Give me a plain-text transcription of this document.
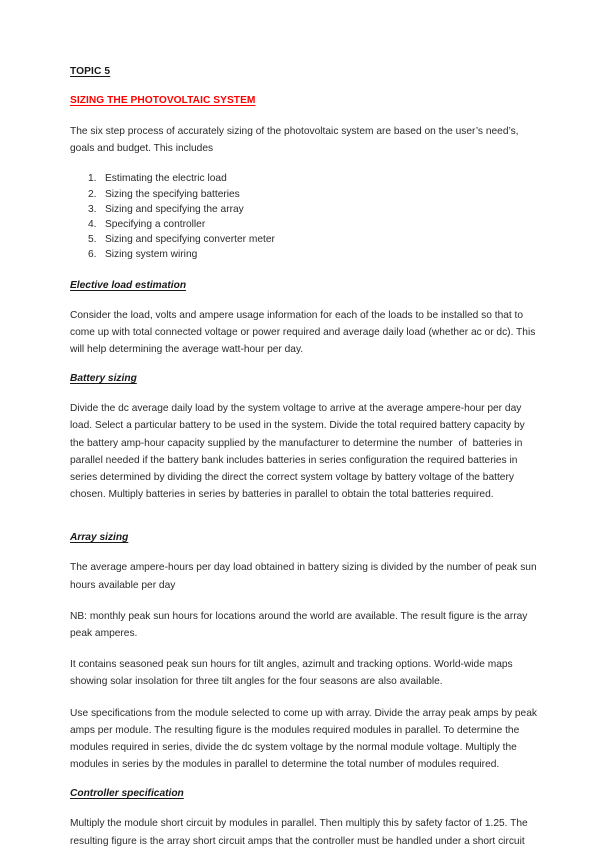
TOPIC 5
SIZING THE PHOTOVOLTAIC SYSTEM

The six step process of accurately sizing of the photovoltaic system are based on the user’s need’s, goals and budget. This includes

1. Estimating the electric load
2. Sizing the specifying batteries
3. Sizing and specifying the array
4. Specifying a controller
5. Sizing and specifying converter meter
6. Sizing system wiring
Elective load estimation

Consider the load, volts and ampere usage information for each of the loads to be installed so that to come up with total connected voltage or power required and average daily load (whether ac or dc). This will help determining the average watt-hour per day.

Battery sizing

Divide the dc average daily load by the system voltage to arrive at the average ampere-hour per day load. Select a particular battery to be used in the system. Divide the total required battery capacity by the battery amp-hour capacity supplied by the manufacturer to determine the number  of  batteries in parallel needed if the battery bank includes batteries in series configuration the required batteries in series determined by dividing the direct the correct system voltage by battery voltage of the battery chosen. Multiply batteries in series by batteries in parallel to obtain the total batteries required.

Array sizing

The average ampere-hours per day load obtained in battery sizing is divided by the number of peak sun hours available per day

NB: monthly peak sun hours for locations around the world are available. The result figure is the array peak amperes.

It contains seasoned peak sun hours for tilt angles, azimult and tracking options. World-wide maps showing solar insolation for three tilt angles for the four seasons are also available.

Use specifications from the module selected to come up with array. Divide the array peak amps by peak amps per module. The resulting figure is the modules required modules in parallel. To determine the modules required in series, divide the dc system voltage by the normal module voltage. Multiply the modules in series by the modules in parallel to determine the total number of modules required.

Controller specification

Multiply the module short circuit by modules in parallel. Then multiply this by safety factor of 1.25. The resulting figure is the array short circuit amps that the controller must be handled under a short circuit
